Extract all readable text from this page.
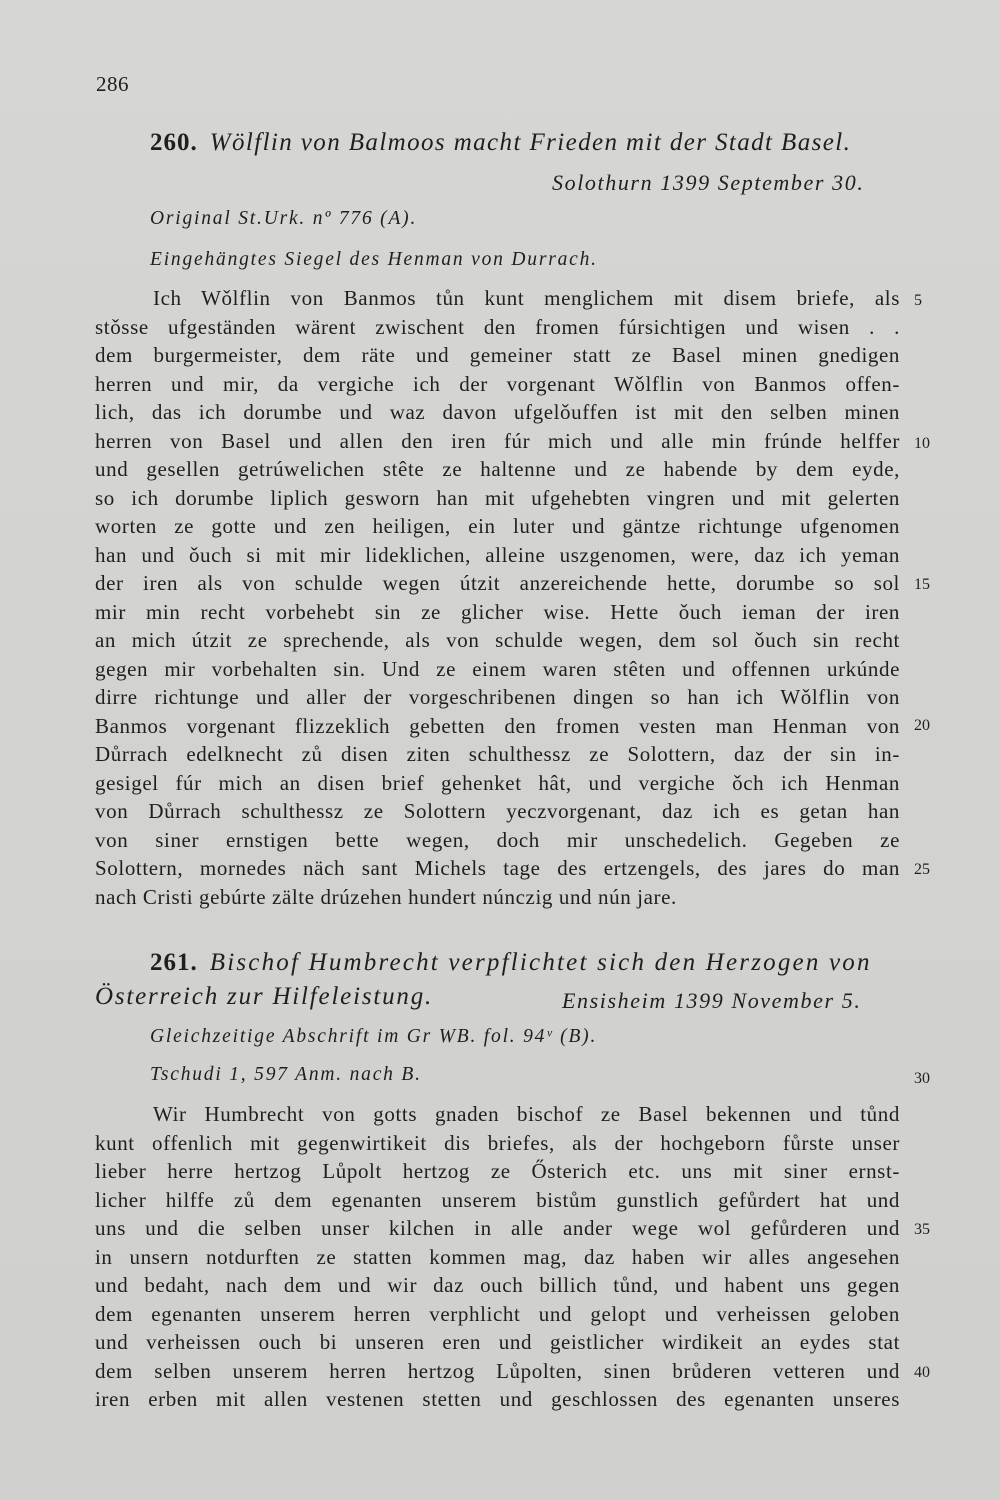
286
260. Wölflin von Balmoos macht Frieden mit der Stadt Basel.
Solothurn 1399 September 30.
Original St.Urk. nº 776 (A).
Eingehängtes Siegel des Henman von Durrach.
Ich Wǒlflin von Banmos tůn kunt menglichem mit disem briefe, als
stǒsse ufgeständen wärent zwischent den fromen fúrsichtigen und wisen . .
dem burgermeister, dem räte und gemeiner statt ze Basel minen gnedigen
herren und mir, da vergiche ich der vorgenant Wǒlflin von Banmos offen-
lich, das ich dorumbe und waz davon ufgelǒuffen ist mit den selben minen
herren von Basel und allen den iren fúr mich und alle min frúnde helffer
und gesellen getrúwelichen stête ze haltenne und ze habende by dem eyde,
so ich dorumbe liplich gesworn han mit ufgehebten vingren und mit gelerten
worten ze gotte und zen heiligen, ein luter und gäntze richtunge ufgenomen
han und ǒuch si mit mir lideklichen, alleine uszgenomen, were, daz ich yeman
der iren als von schulde wegen útzit anzereichende hette, dorumbe so sol
mir min recht vorbehebt sin ze glicher wise. Hette ǒuch ieman der iren
an mich útzit ze sprechende, als von schulde wegen, dem sol ǒuch sin recht
gegen mir vorbehalten sin. Und ze einem waren stêten und offennen urkúnde
dirre richtunge und aller der vorgeschribenen dingen so han ich Wǒlflin von
Banmos vorgenant flizzeklich gebetten den fromen vesten man Henman von
Důrrach edelknecht zů disen ziten schulthessz ze Solottern, daz der sin in-
gesigel fúr mich an disen brief gehenket hât, und vergiche ǒch ich Henman
von Důrrach schulthessz ze Solottern yeczvorgenant, daz ich es getan han
von siner ernstigen bette wegen, doch mir unschedelich. Gegeben ze
Solottern, mornedes näch sant Michels tage des ertzengels, des jares do man
nach Cristi gebúrte zälte drúzehen hundert núnczig und nún jare.
261. Bischof Humbrecht verpflichtet sich den Herzogen von
Österreich zur Hilfeleistung.	Ensisheim 1399 November 5.
Gleichzeitige Abschrift im Gr WB. fol. 94ᵛ (B).
Tschudi 1, 597 Anm. nach B.
Wir Humbrecht von gotts gnaden bischof ze Basel bekennen und tůnd
kunt offenlich mit gegenwirtikeit dis briefes, als der hochgeborn fůrste unser
lieber herre hertzog Lůpolt hertzog ze Ősterich etc. uns mit siner ernst-
licher hilffe zů dem egenanten unserem bistům gunstlich gefůrdert hat und
uns und die selben unser kilchen in alle ander wege wol gefůrderen und
in unsern notdurften ze statten kommen mag, daz haben wir alles angesehen
und bedaht, nach dem und wir daz ouch billich tůnd, und habent uns gegen
dem egenanten unserem herren verphlicht und gelopt und verheissen geloben
und verheissen ouch bi unseren eren und geistlicher wirdikeit an eydes stat
dem selben unserem herren hertzog Lůpolten, sinen brůderen vetteren und
iren erben mit allen vestenen stetten und geschlossen des egenanten unseres
5
10
15
20
25
30
35
40
